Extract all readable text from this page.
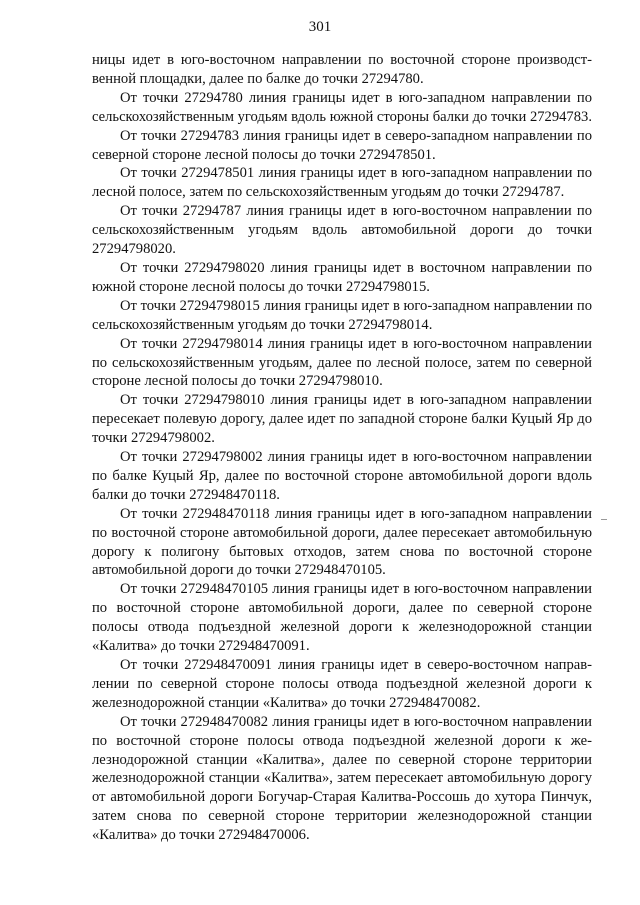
301

ницы идет в юго-восточном направлении по восточной стороне производственной площадки, далее по балке до точки 27294780.

От точки 27294780 линия границы идет в юго-западном направлении по сельскохозяйственным угодьям вдоль южной стороны балки до точки 27294783.

От точки 27294783 линия границы идет в северо-западном направлении по северной стороне лесной полосы до точки 2729478501.

От точки 2729478501 линия границы идет в юго-западном направлении по лесной полосе, затем по сельскохозяйственным угодьям до точки 27294787.

От точки 27294787 линия границы идет в юго-восточном направлении по сельскохозяйственным угодьям вдоль автомобильной дороги до точки 27294798020.

От точки 27294798020 линия границы идет в восточном направлении по южной стороне лесной полосы до точки 27294798015.

От точки 27294798015 линия границы идет в юго-западном направлении по сельскохозяйственным угодьям до точки 27294798014.

От точки 27294798014 линия границы идет в юго-восточном направлении по сельскохозяйственным угодьям, далее по лесной полосе, затем по северной стороне лесной полосы до точки 27294798010.

От точки 27294798010 линия границы идет в юго-западном направлении пересекает полевую дорогу, далее идет по западной стороне балки Куцый Яр до точки 27294798002.

От точки 27294798002 линия границы идет в юго-восточном направлении по балке Куцый Яр, далее по восточной стороне автомобильной дороги вдоль балки до точки 272948470118.

От точки 272948470118 линия границы идет в юго-западном направлении по восточной стороне автомобильной дороги, далее пересекает автомобильную дорогу к полигону бытовых отходов, затем снова по восточной стороне автомобильной дороги до точки 272948470105.

От точки 272948470105 линия границы идет в юго-восточном направлении по восточной стороне автомобильной дороги, далее по северной стороне полосы отвода подъездной железной дороги к железнодорожной станции «Калитва» до точки 272948470091.

От точки 272948470091 линия границы идет в северо-восточном направлении по северной стороне полосы отвода подъездной железной дороги к железнодорожной станции «Калитва» до точки 272948470082.

От точки 272948470082 линия границы идет в юго-восточном направлении по восточной стороне полосы отвода подъездной железной дороги к железнодорожной станции «Калитва», далее по северной стороне территории железнодорожной станции «Калитва», затем пересекает автомобильную дорогу от автомобильной дороги Богучар-Старая Калитва-Россошь до хутора Пинчук, затем снова по северной стороне территории железнодорожной станции «Калитва» до точки 272948470006.
